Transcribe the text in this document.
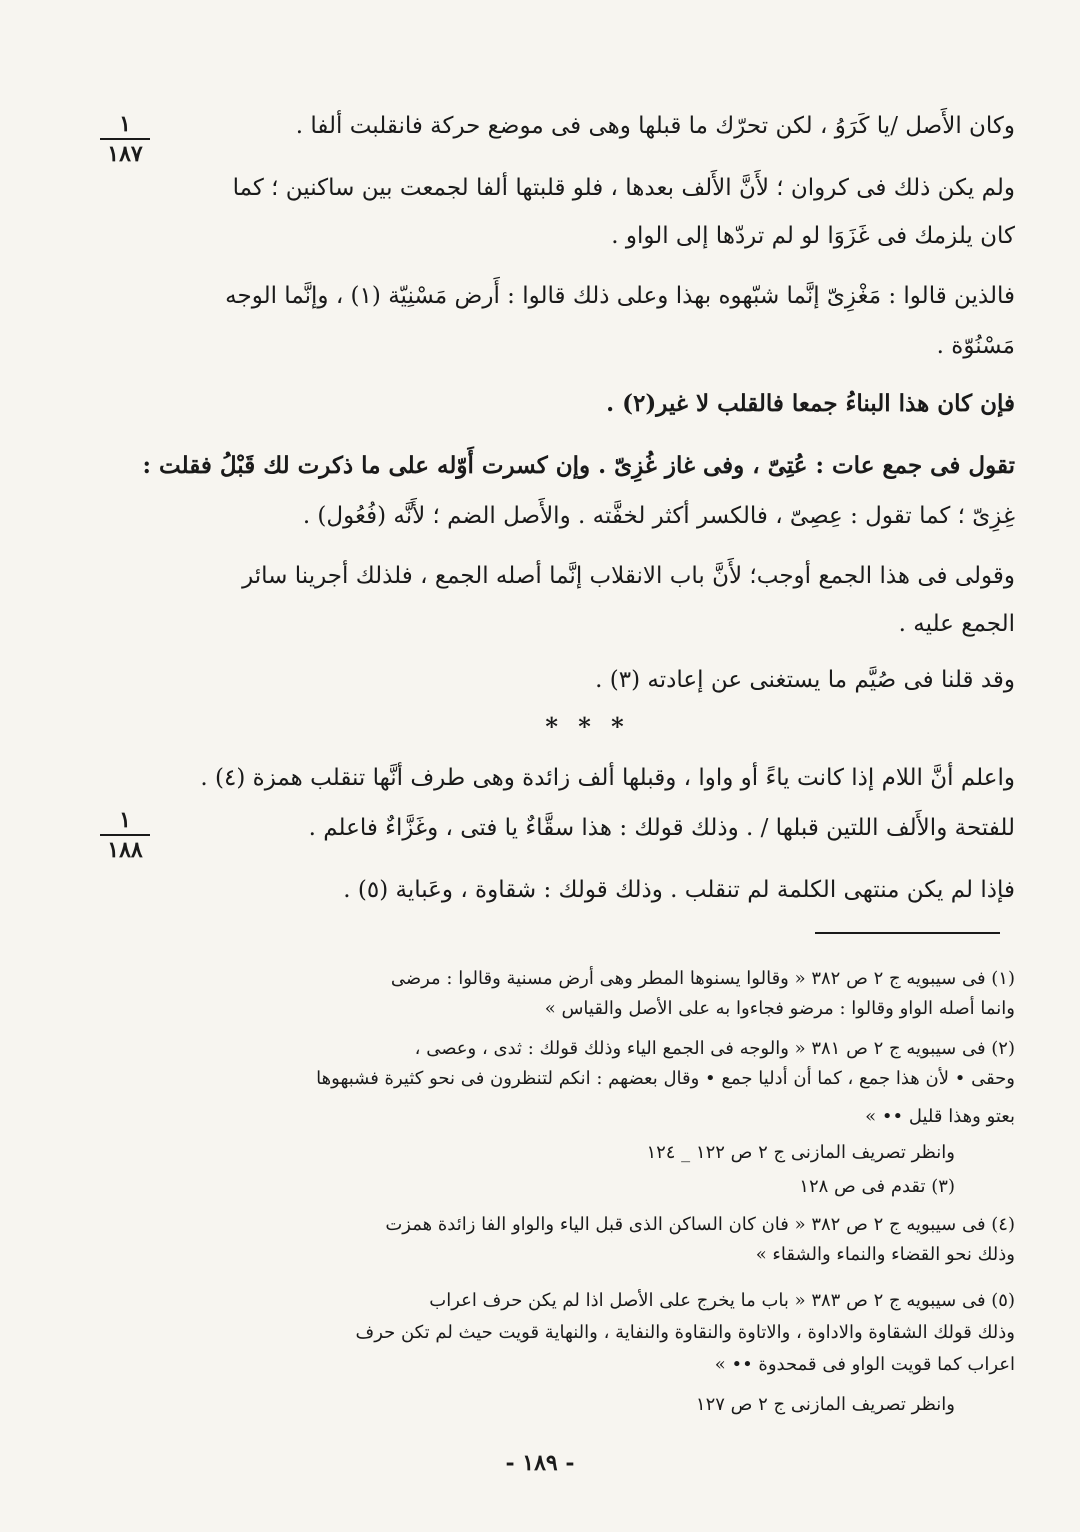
١
١٨٧
١
١٨٨
وكان الأَصل /يا كَرَوُ ، لكن تحرّك ما قبلها وهى فى موضع حركة فانقلبت ألفا .
ولم يكن ذلك فى كروان ؛ لأَنَّ الأَلف بعدها ، فلو قلبتها ألفا لجمعت بين ساكنين ؛ كما
كان يلزمك فى غَزَوَا لو لم تردّها إلى الواو .
فالذين قالوا : مَغْزِىّ إنَّما شبّهوه بهذا وعلى ذلك قالوا : أَرض مَسْنِيّة (١) ، وإنَّما الوجه
مَسْنُوّة .
فإن كان هذا البناءُ جمعا فالقلب لا غير(٢) .
تقول فى جمع عات : عُتِىّ ، وفى غاز غُزِىّ . وإن كسرت أَوّله على ما ذكرت لك قَبْلُ فقلت :
غِزِىّ ؛ كما تقول : عِصِىّ ، فالكسر أكثر لخفَّته . والأَصل الضم ؛ لأَنَّه (فُعُول) .
وقولى فى هذا الجمع أوجب؛ لأَنَّ باب الانقلاب إنَّما أصله الجمع ، فلذلك أجرينا سائر
الجمع عليه .
وقد قلنا فى صُيَّم ما يستغنى عن إعادته (٣) .
* * *
واعلم أنَّ اللام إذا كانت ياءً أو واوا ، وقبلها ألف زائدة وهى طرف أنَّها تنقلب همزة (٤) .
للفتحة والأَلف اللتين قبلها / . وذلك قولك : هذا سقَّاءٌ يا فتى ، وغَزَّاءٌ فاعلم .
فإذا لم يكن منتهى الكلمة لم تنقلب . وذلك قولك : شقاوة ، وعَباية (٥) .
(١) فى سيبويه ج ٢ ص ٣٨٢ « وقالوا يسنوها المطر وهى أرض مسنية وقالوا : مرضى
وانما أصله الواو وقالوا : مرضو فجاءوا به على الأصل والقياس »
(٢) فى سيبويه ج ٢ ص ٣٨١ « والوجه فى الجمع الياء وذلك قولك : ثدى ، وعصى ،
وحقى • لأن هذا جمع ، كما أن أدليا جمع • وقال بعضهم : انكم لتنظرون فى نحو كثيرة فشبهوها
بعتو وهذا قليل •• »
وانظر تصريف المازنى ج ٢ ص ١٢٢ _ ١٢٤
(٣) تقدم فى ص ١٢٨
(٤) فى سيبويه ج ٢ ص ٣٨٢ « فان كان الساكن الذى قبل الياء والواو الفا زائدة همزت
وذلك نحو القضاء والنماء والشقاء »
(٥) فى سيبويه ج ٢ ص ٣٨٣ « باب ما يخرج على الأصل اذا لم يكن حرف اعراب
وذلك قولك الشقاوة والاداوة ، والاتاوة والنقاوة والنفاية ، والنهاية قويت حيث لم تكن حرف
اعراب كما قويت الواو فى قمحدوة •• »
وانظر تصريف المازنى ج ٢ ص ١٢٧
- ١٨٩ -
